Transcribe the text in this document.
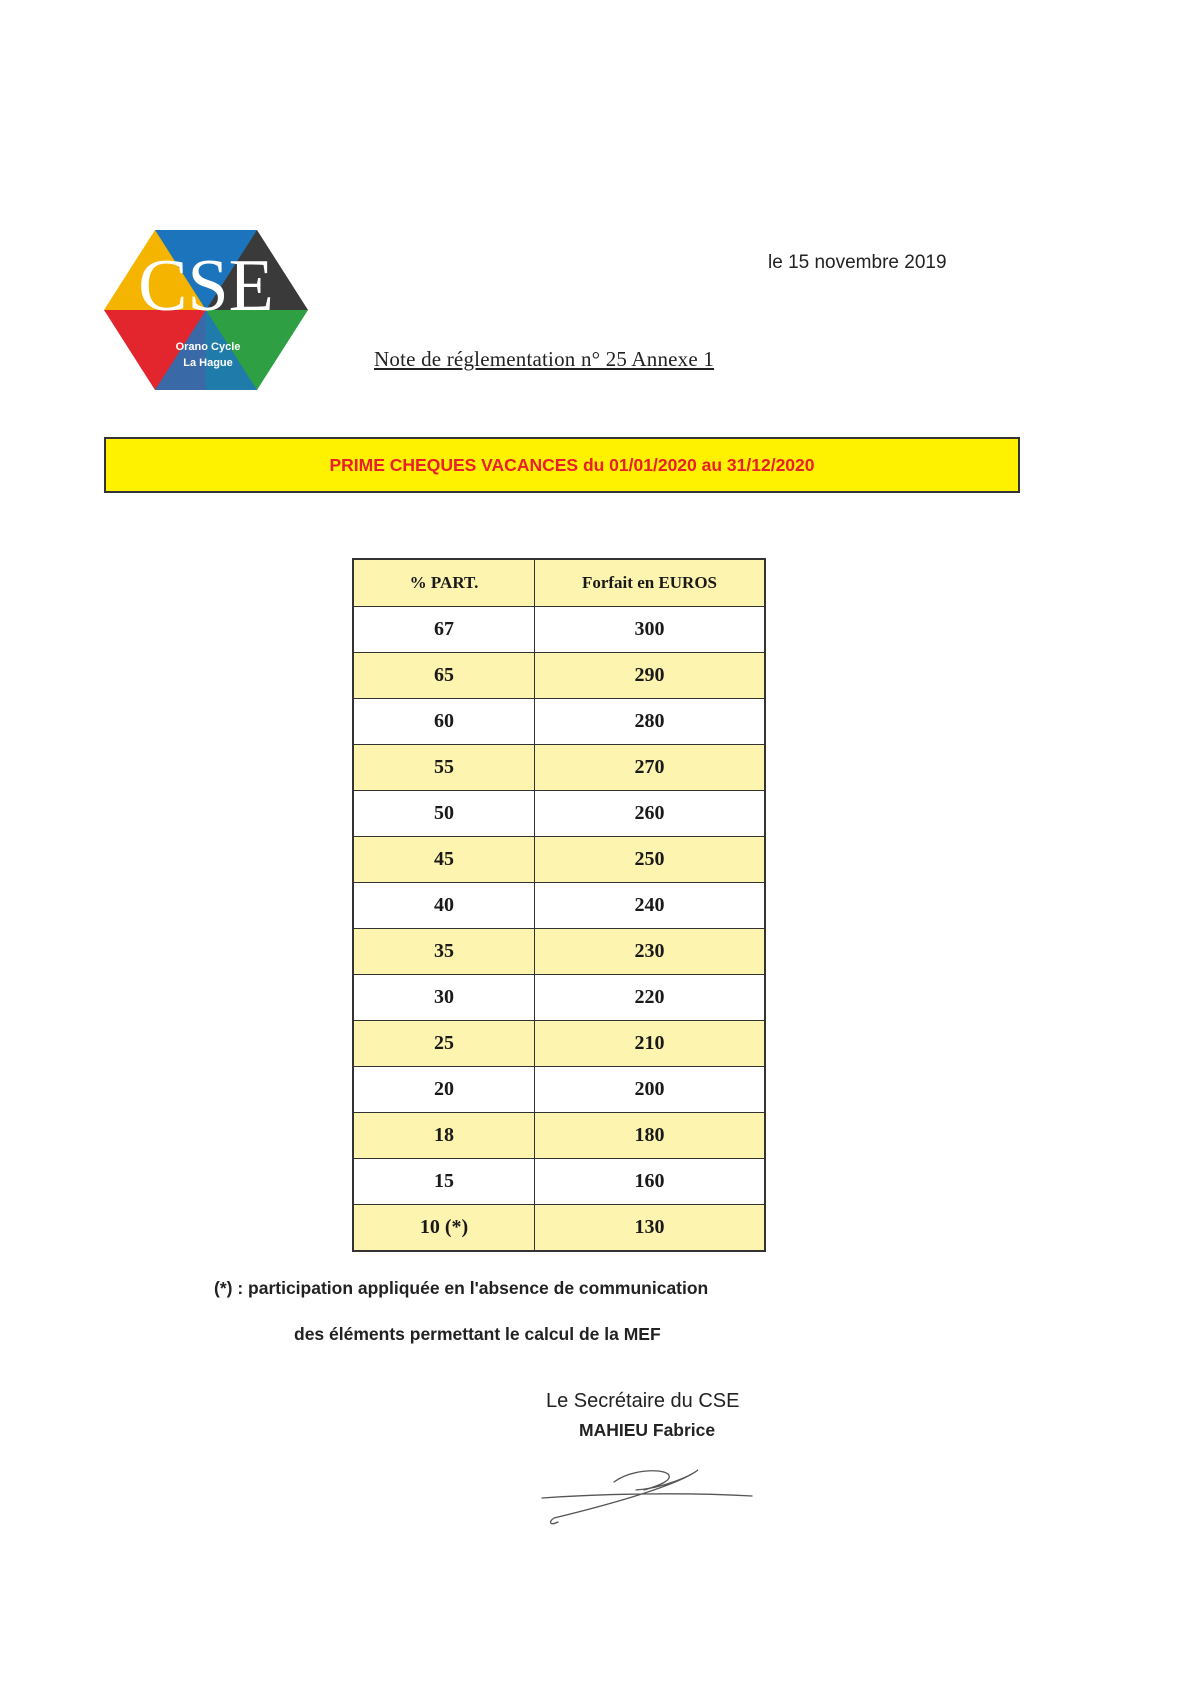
CSE
Orano Cycle
La Hague
le 15 novembre 2019
Note de réglementation n° 25 Annexe 1
PRIME CHEQUES VACANCES du 01/01/2020 au 31/12/2020
% PART.	Forfait en EUROS
67	300
65	290
60	280
55	270
50	260
45	250
40	240
35	230
30	220
25	210
20	200
18	180
15	160
10 (*)	130
(*) : participation appliquée en l'absence de communication
des éléments permettant le calcul de la MEF
Le Secrétaire du CSE
MAHIEU Fabrice
